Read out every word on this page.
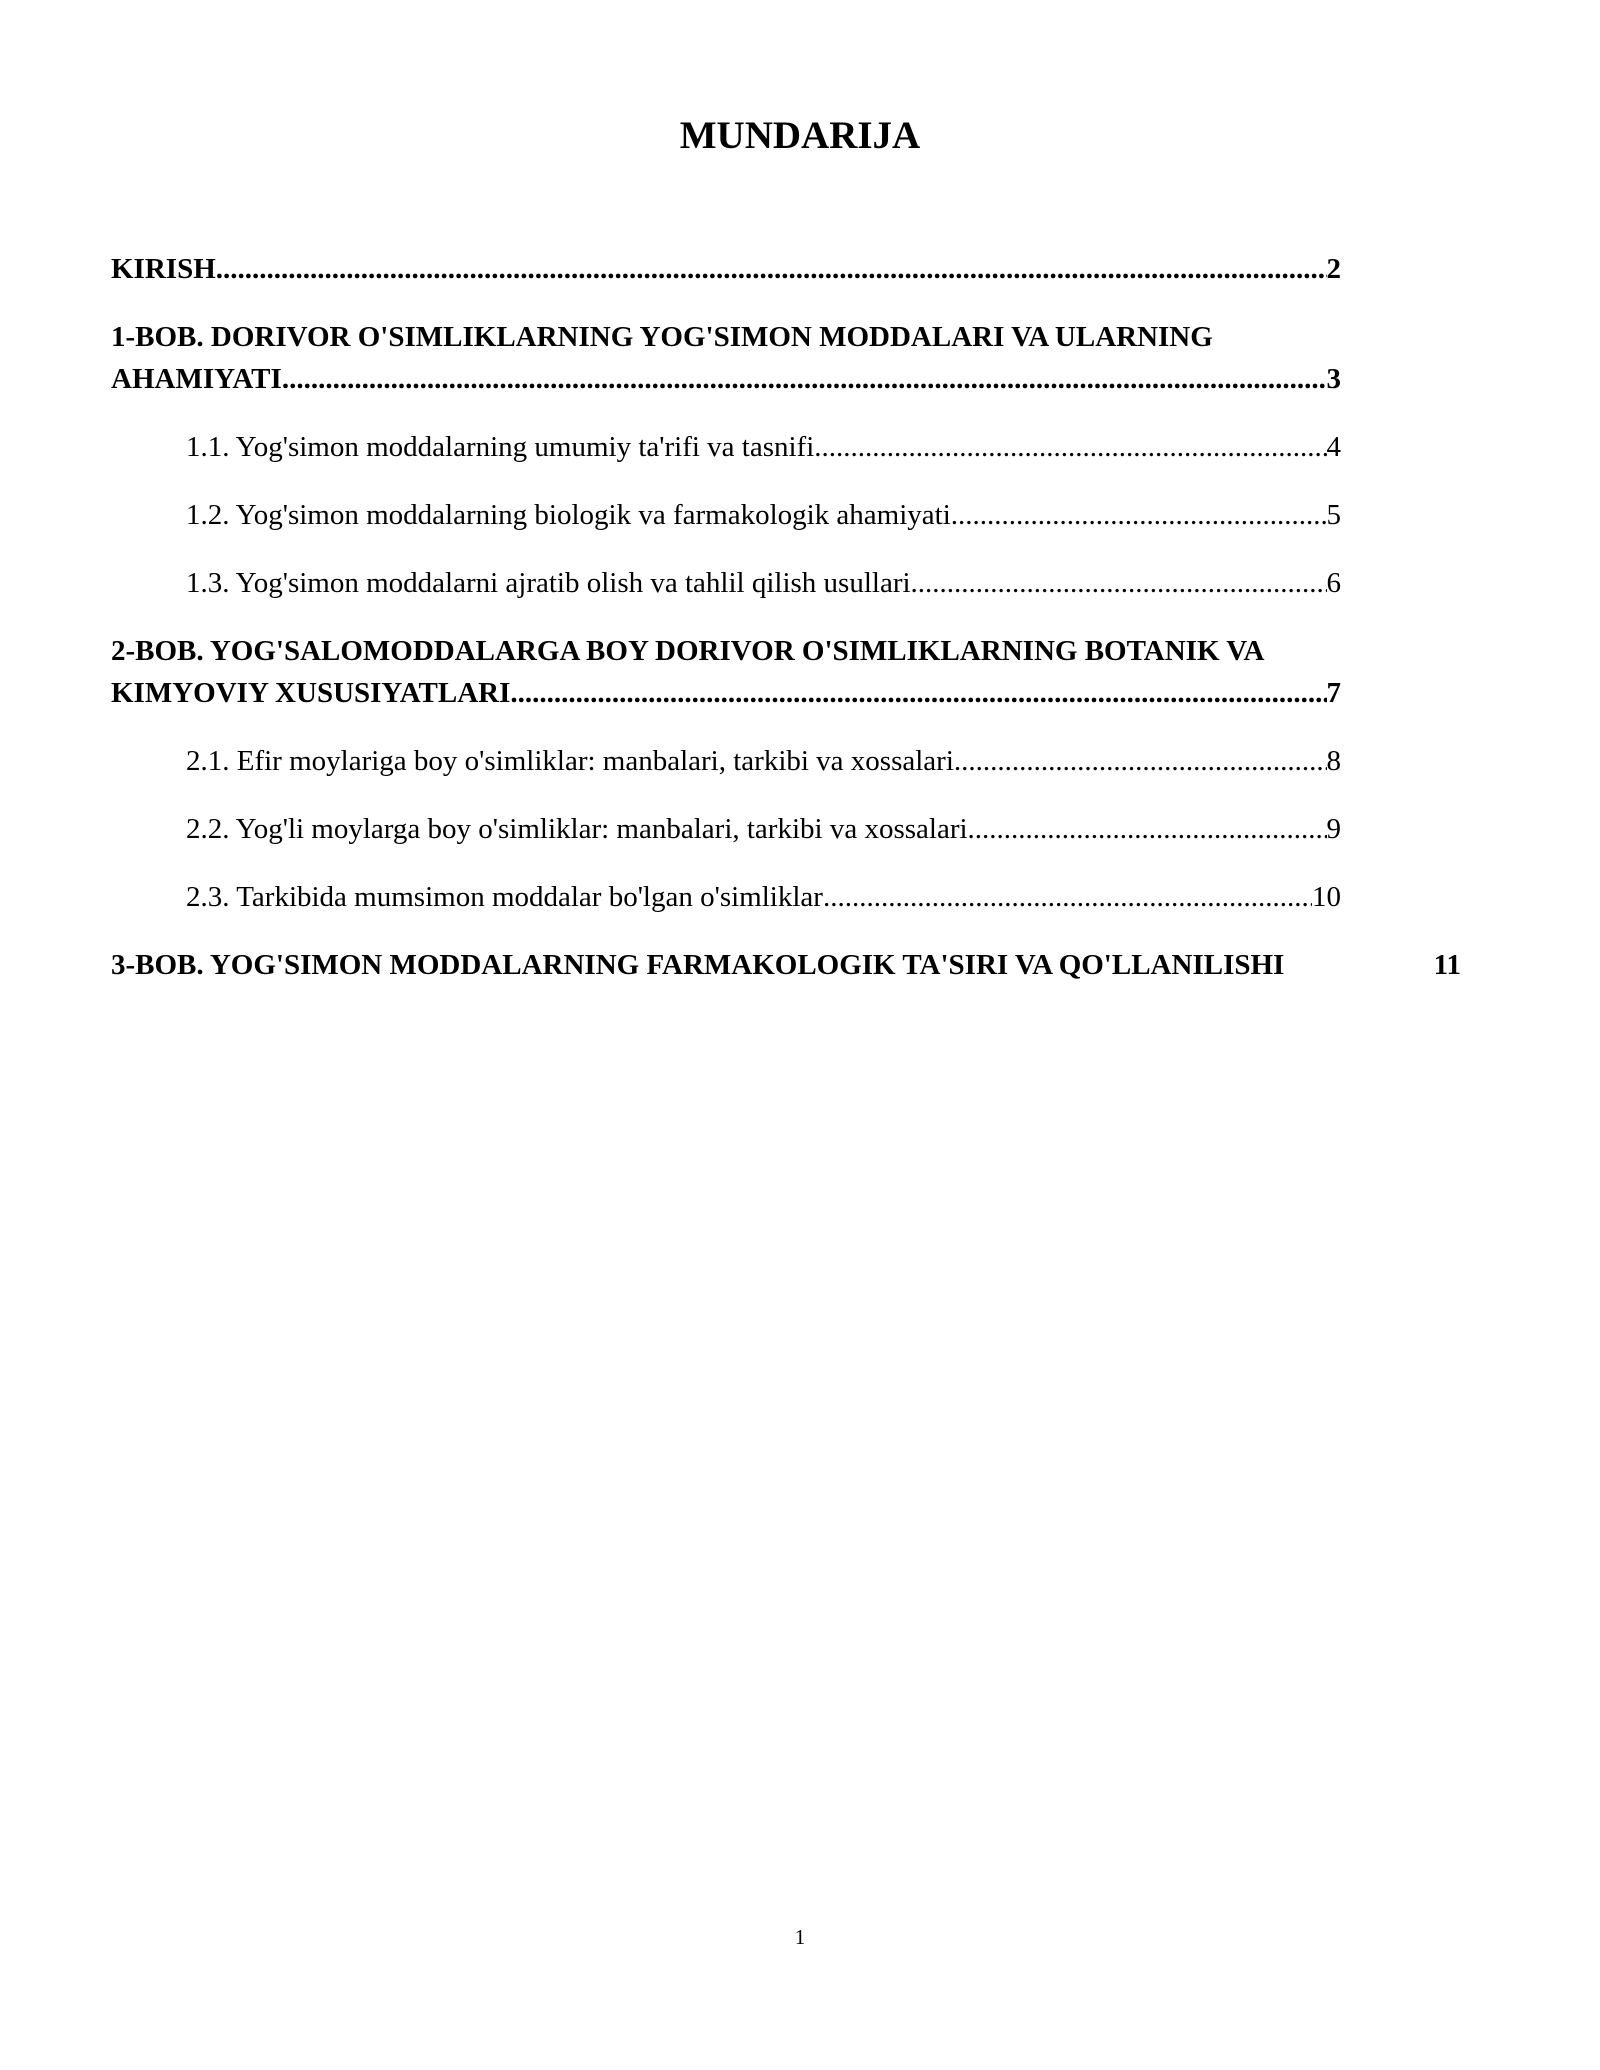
MUNDARIJA
KIRISH .....	2
1-BOB. DORIVOR O'SIMLIKLARNING YOG'SIMON MODDALARI VA ULARNING
AHAMIYATI .....	3
1.1. Yog'simon moddalarning umumiy ta'rifi va tasnifi .....	4
1.2. Yog'simon moddalarning biologik va farmakologik ahamiyati .....	5
1.3. Yog'simon moddalarni ajratib olish va tahlil qilish usullari .....	6
2-BOB. YOG'SALOMODDALARGA BOY DORIVOR O'SIMLIKLARNING BOTANIK VA
KIMYOVIY XUSUSIYATLARI .....	7
2.1. Efir moylariga boy o'simliklar: manbalari, tarkibi va xossalari .....	8
2.2. Yog'li moylarga boy o'simliklar: manbalari, tarkibi va xossalari .....	9
2.3. Tarkibida mumsimon moddalar bo'lgan o'simliklar .....	10
3-BOB. YOG'SIMON MODDALARNING FARMAKOLOGIK TA'SIRI VA QO'LLANILISHI	11
1
